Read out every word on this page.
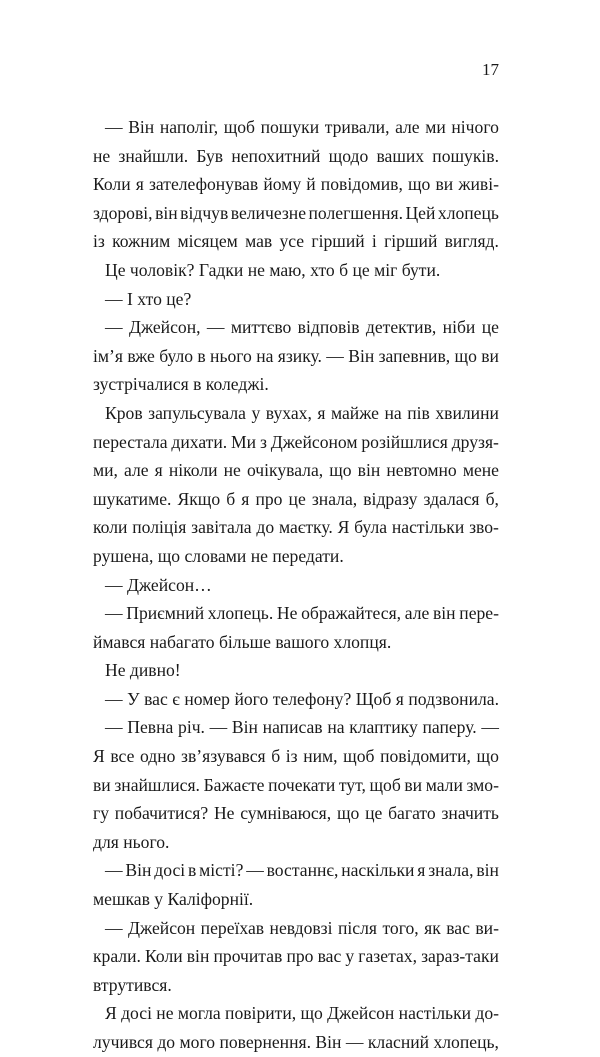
17
— Він наполіг, щоб пошуки тривали, але ми нічого
не знайшли. Був непохитний щодо ваших пошуків.
Коли я зателефонував йому й повідомив, що ви живі-
здорові, він відчув величезне полегшення. Цей хлопець
із кожним місяцем мав усе гірший і гірший вигляд.
Це чоловік? Гадки не маю, хто б це міг бути.
— І хто це?
— Джейсон, — миттєво відповів детектив, ніби це
ім’я вже було в нього на язику. — Він запевнив, що ви
зустрічалися в коледжі.
Кров запульсувала у вухах, я майже на пів хвилини
перестала дихати. Ми з Джейсоном розійшлися друзя-
ми, але я ніколи не очікувала, що він невтомно мене
шукатиме. Якщо б я про це знала, відразу здалася б,
коли поліція завітала до маєтку. Я була настільки зво-
рушена, що словами не передати.
— Джейсон…
— Приємний хлопець. Не ображайтеся, але він пере-
ймався набагато більше вашого хлопця.
Не дивно!
— У вас є номер його телефону? Щоб я подзвонила.
— Певна річ. — Він написав на клаптику паперу. —
Я все одно зв’язувався б із ним, щоб повідомити, що
ви знайшлися. Бажаєте почекати тут, щоб ви мали змо-
гу побачитися? Не сумніваюся, що це багато значить
для нього.
— Він досі в місті? — востаннє, наскільки я знала, він
мешкав у Каліфорнії.
— Джейсон переїхав невдовзі після того, як вас ви-
крали. Коли він прочитав про вас у газетах, зараз-таки
втрутився.
Я досі не могла повірити, що Джейсон настільки до-
лучився до мого повернення. Він — класний хлопець,
